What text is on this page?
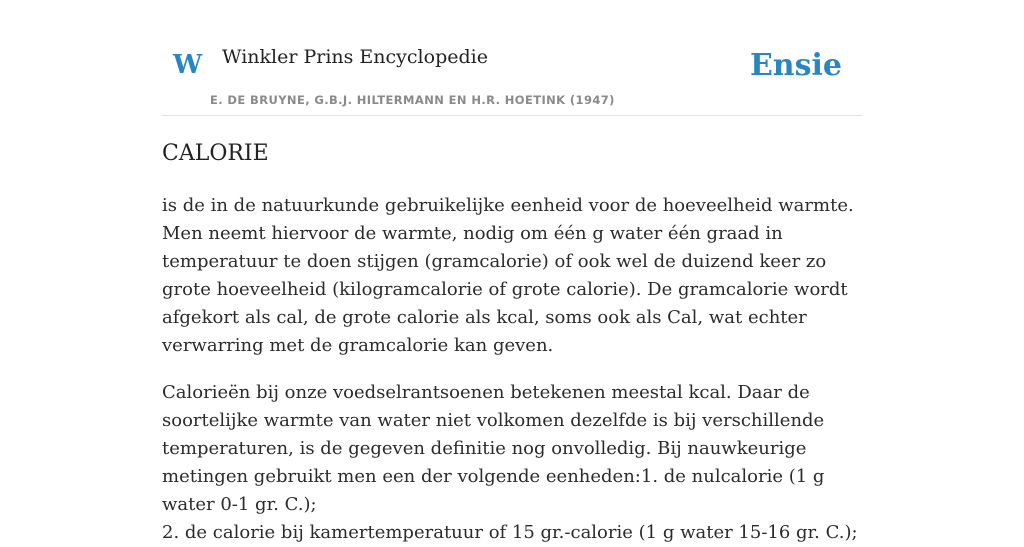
W Winkler Prins Encyclopedie
E. DE BRUYNE, G.B.J. HILTERMANN EN H.R. HOETINK (1947)
Ensie
CALORIE

is de in de natuurkunde gebruikelijke eenheid voor de hoeveelheid warmte. Men neemt hiervoor de warmte, nodig om één g water één graad in temperatuur te doen stijgen (gramcalorie) of ook wel de duizend keer zo grote hoeveelheid (kilogramcalorie of grote calorie). De gramcalorie wordt afgekort als cal, de grote calorie als kcal, soms ook als Cal, wat echter verwarring met de gramcalorie kan geven.

Calorieën bij onze voedselrantsoenen betekenen meestal kcal. Daar de soortelijke warmte van water niet volkomen dezelfde is bij verschillende temperaturen, is de gegeven definitie nog onvolledig. Bij nauwkeurige metingen gebruikt men een der volgende eenheden:1. de nulcalorie (1 g water 0-1 gr. C.);
2. de calorie bij kamertemperatuur of 15 gr.-calorie (1 g water 15-16 gr. C.);
